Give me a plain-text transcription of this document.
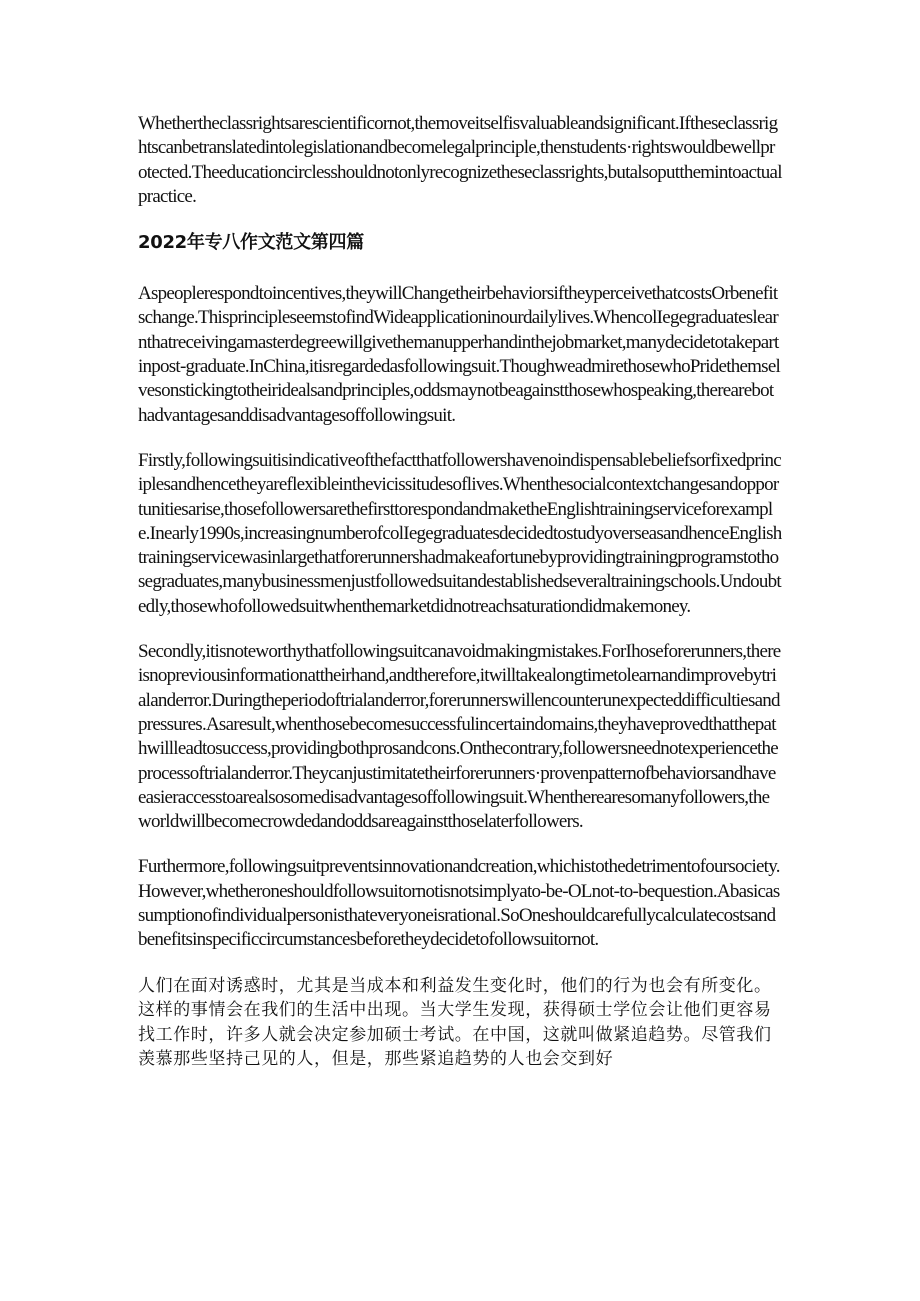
Whethertheclassrightsarescientificornot,themoveitselfisvaluableandsignificant.Iftheseclassrightscanbetranslatedintolegislationandbecomelegalprinciple,thenstudents·rightswouldbewellprotected.Theeducationcirclesshouldnotonlyrecognizetheseclassrights,butalsoputthemintoactualpractice.

2022年专八作文范文第四篇

Aspeoplerespondtoincentives,theywillChangetheirbehaviorsiftheyperceivethatcostsOrbenefitschange.ThisprincipleseemstofindWideapplicationinourdailylives.WhencolIegegraduateslearnthatreceivingamasterdegreewillgivethemanupperhandinthejobmarket,manydecidetotakepartinpost-graduate.InChina,itisregardedasfollowingsuit.ThoughweadmirethosewhoPridethemselvesonstickingtotheiridealsandprinciples,oddsmaynotbeagainstthosewhospeaking,therearebothadvantagesanddisadvantagesoffollowingsuit.

Firstly,followingsuitisindicativeofthefactthatfollowershavenoindispensablebeliefsorfixedprinciplesandhencetheyareflexibleinthevicissitudesoflives.Whenthesocialcontextchangesandopportunitiesarise,thosefollowersarethefirsttorespondandmaketheEnglishtrainingserviceforexample.Inearly1990s,increasingnumberofcolIegegraduatesdecidedtostudyoverseasandhenceEnglishtrainingservicewasinlargethatforerunnershadmakeafortunebyprovidingtrainingprogramstothosegraduates,manybusinessmenjustfollowedsuitandestablishedseveraltrainingschools.Undoubtedly,thosewhofollowedsuitwhenthemarketdidnotreachsaturationdidmakemoney.

Secondly,itisnoteworthythatfollowingsuitcanavoidmakingmistakes.ForIhoseforerunners,thereisnopreviousinformationattheirhand,andtherefore,itwilltakealongtimetolearnandimprovebytrialanderror.Duringtheperiodoftrialanderror,forerunnerswillencounterunexpecteddifficultiesandpressures.Asaresult,whenthosebecomesuccessfulincertaindomains,theyhaveprovedthatthepathwillleadtosuccess,providingbothprosandcons.Onthecontrary,followersneednotexperiencetheprocessoftrialanderror.Theycanjustimitatetheirforerunners·provenpatternofbehaviorsandhaveeasieraccesstoarealsosomedisadvantagesoffollowingsuit.Whentherearesomanyfollowers,theworldwillbecomecrowdedandoddsareagainstthoselaterfollowers.

Furthermore,followingsuitpreventsinnovationandcreation,whichistothedetrimentofoursociety.However,whetheroneshouldfollowsuitornotisnotsimplyato-be-OLnot-to-bequestion.Abasicassumptionofindividualpersonisthateveryoneisrational.SoOneshouldcarefullycalculatecostsandbenefitsinspecificcircumstancesbeforetheydecidetofollowsuitornot.

人们在面对诱惑时，尤其是当成本和利益发生变化时，他们的行为也会有所变化。这样的事情会在我们的生活中出现。当大学生发现，获得硕士学位会让他们更容易找工作时，许多人就会决定参加硕士考试。在中国，这就叫做紧追趋势。尽管我们羡慕那些坚持己见的人，但是，那些紧追趋势的人也会交到好
